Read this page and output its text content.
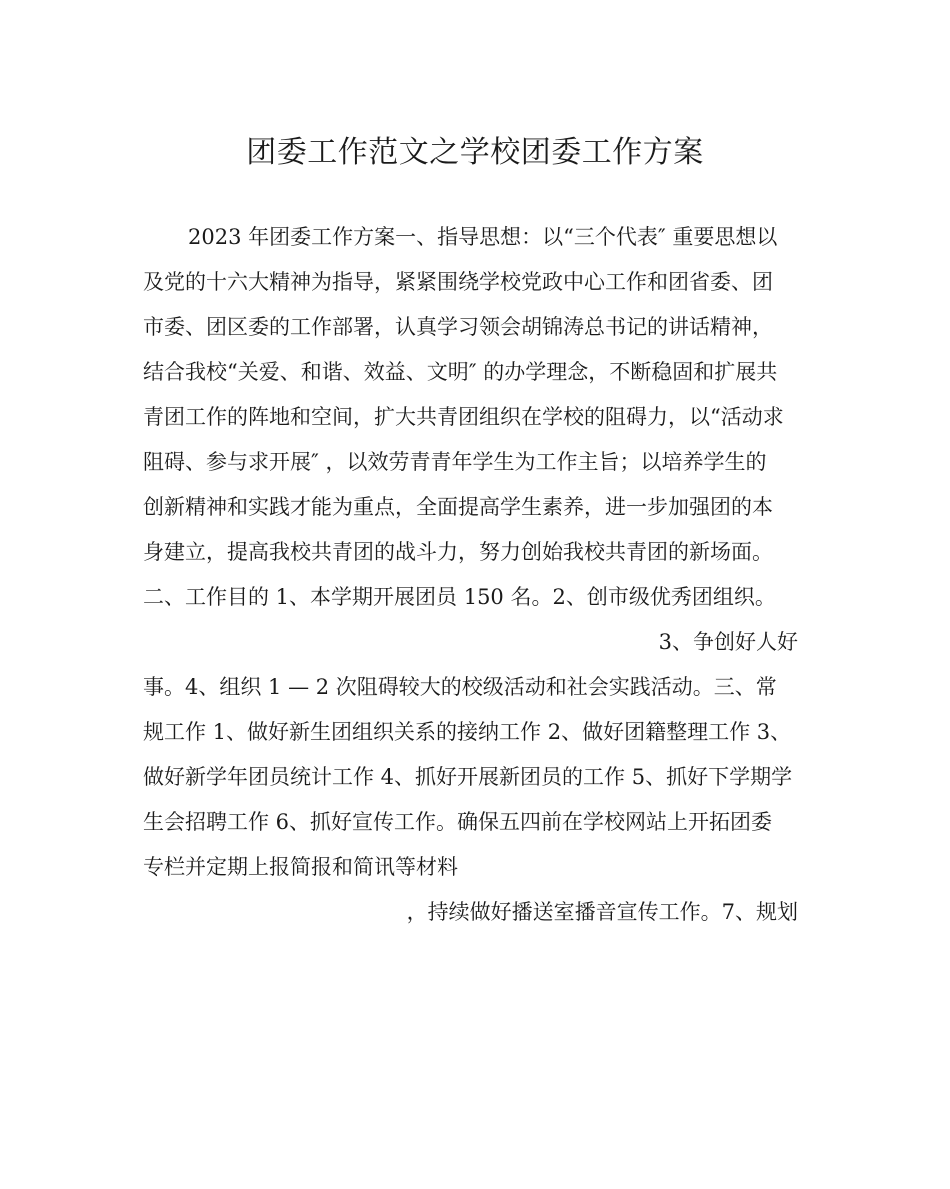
团委工作范文之学校团委工作方案

2023 年团委工作方案一、指导思想：以“三个代表″ 重要思想以

及党的十六大精神为指导，紧紧围绕学校党政中心工作和团省委、团

市委、团区委的工作部署，认真学习领会胡锦涛总书记的讲话精神，

结合我校“关爱、和谐、效益、文明″ 的办学理念，不断稳固和扩展共

青团工作的阵地和空间，扩大共青团组织在学校的阻碍力，以“活动求

阻碍、参与求开展″ ，以效劳青青年学生为工作主旨；以培养学生的

创新精神和实践才能为重点，全面提高学生素养，进一步加强团的本

身建立，提高我校共青团的战斗力，努力创始我校共青团的新场面。

二、工作目的 1、本学期开展团员 150 名。2、创市级优秀团组织。

3、争创好人好

事。4、组织 1 — 2 次阻碍较大的校级活动和社会实践活动。三、常

规工作 1、做好新生团组织关系的接纳工作 2、做好团籍整理工作 3、

做好新学年团员统计工作 4、抓好开展新团员的工作 5、抓好下学期学

生会招聘工作 6、抓好宣传工作。确保五四前在学校网站上开拓团委

专栏并定期上报简报和简讯等材料

，持续做好播送室播音宣传工作。7、规划
